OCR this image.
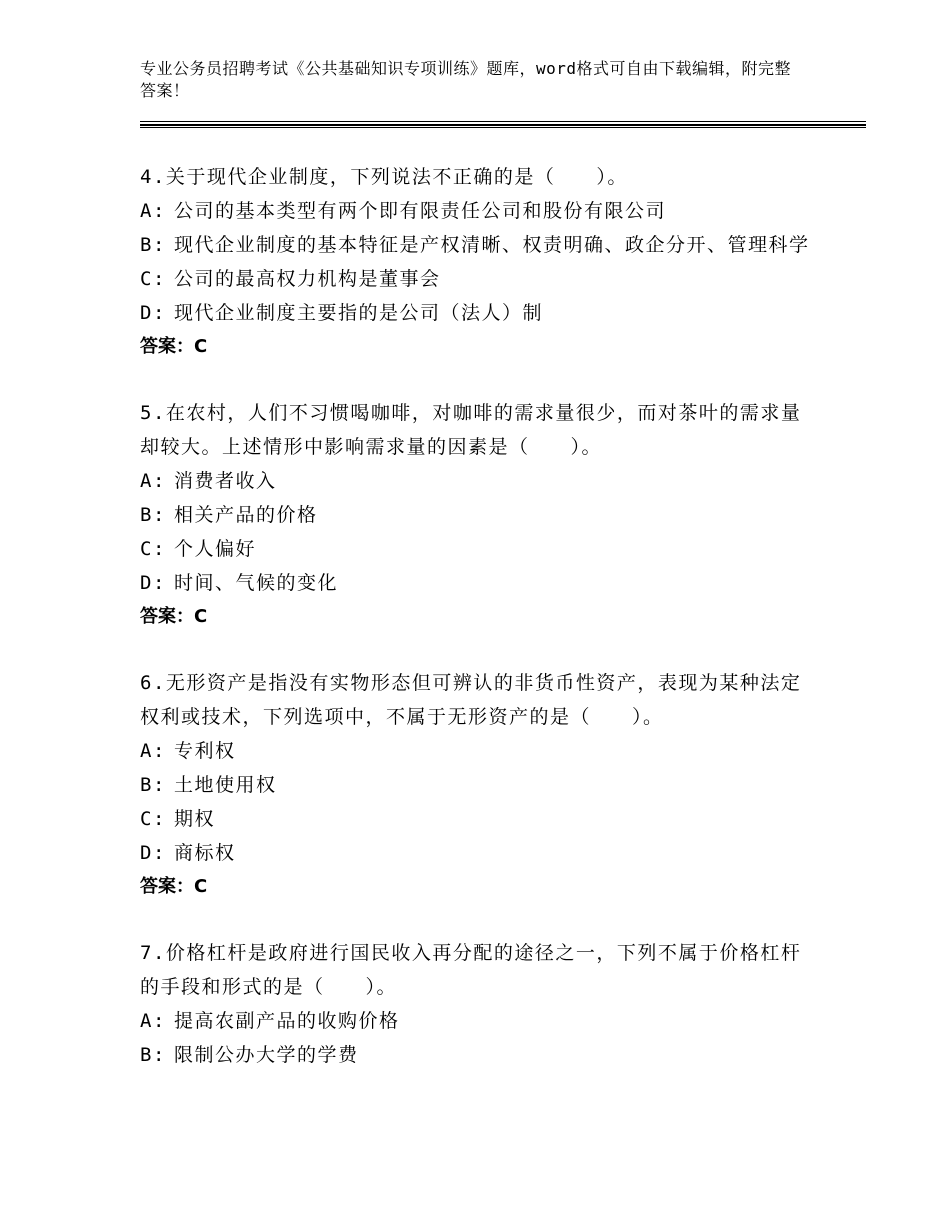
专业公务员招聘考试《公共基础知识专项训练》题库，word格式可自由下载编辑，附完整答案！

4.关于现代企业制度，下列说法不正确的是（　　）。

A: 公司的基本类型有两个即有限责任公司和股份有限公司

B: 现代企业制度的基本特征是产权清晰、权责明确、政企分开、管理科学

C: 公司的最高权力机构是董事会

D: 现代企业制度主要指的是公司（法人）制

答案：C

5.在农村，人们不习惯喝咖啡，对咖啡的需求量很少，而对茶叶的需求量却较大。上述情形中影响需求量的因素是（　　）。

A: 消费者收入

B: 相关产品的价格

C: 个人偏好

D: 时间、气候的变化

答案：C

6.无形资产是指没有实物形态但可辨认的非货币性资产，表现为某种法定权利或技术，下列选项中，不属于无形资产的是（　　）。

A: 专利权

B: 土地使用权

C: 期权

D: 商标权

答案：C

7.价格杠杆是政府进行国民收入再分配的途径之一，下列不属于价格杠杆的手段和形式的是（　　）。

A: 提高农副产品的收购价格

B: 限制公办大学的学费
